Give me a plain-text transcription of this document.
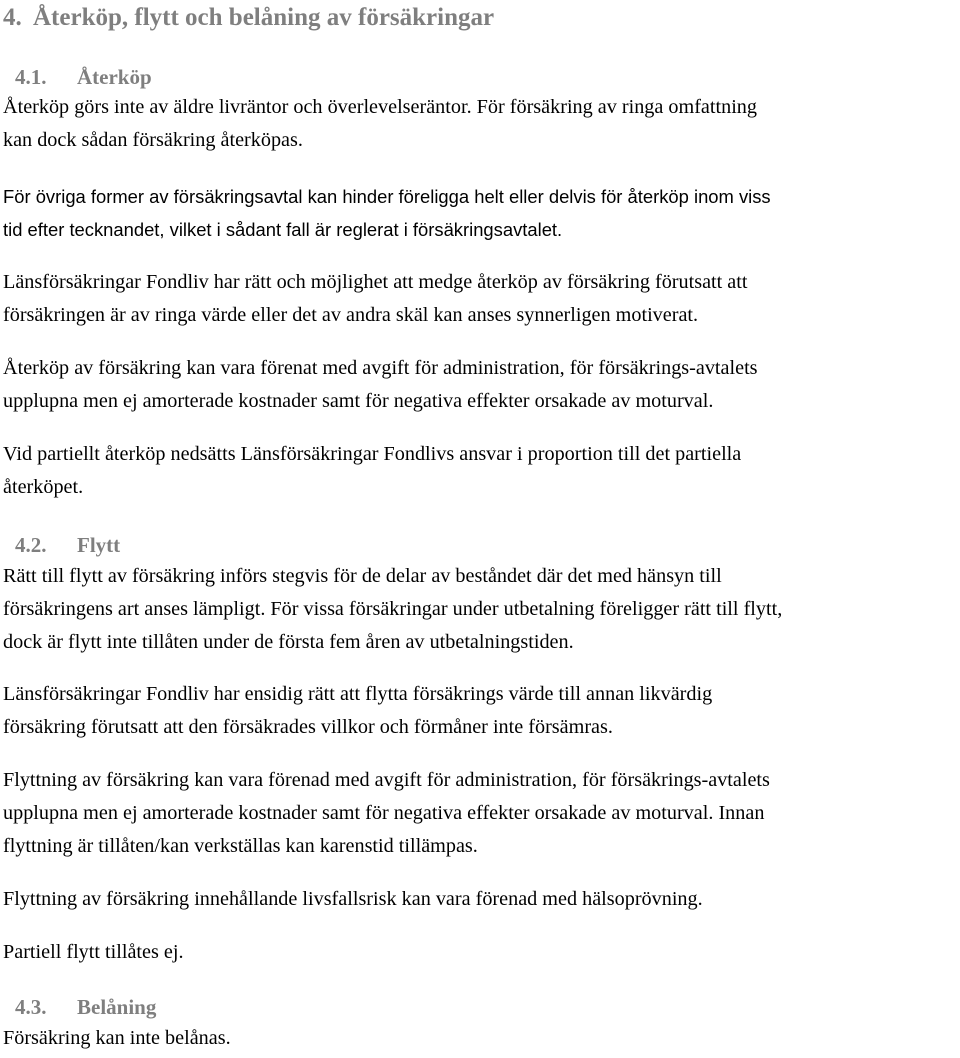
4. Återköp, flytt och belåning av försäkringar
4.1. Återköp

Återköp görs inte av äldre livräntor och överlevelseräntor. För försäkring av ringa omfattning
kan dock sådan försäkring återköpas.

För övriga former av försäkringsavtal kan hinder föreligga helt eller delvis för återköp inom viss
tid efter tecknandet, vilket i sådant fall är reglerat i försäkringsavtalet.

Länsförsäkringar Fondliv har rätt och möjlighet att medge återköp av försäkring förutsatt att
försäkringen är av ringa värde eller det av andra skäl kan anses synnerligen motiverat.

Återköp av försäkring kan vara förenat med avgift för administration, för försäkrings-avtalets
upplupna men ej amorterade kostnader samt för negativa effekter orsakade av moturval.

Vid partiellt återköp nedsätts Länsförsäkringar Fondlivs ansvar i proportion till det partiella
återköpet.

4.2. Flytt

Rätt till flytt av försäkring införs stegvis för de delar av beståndet där det med hänsyn till
försäkringens art anses lämpligt. För vissa försäkringar under utbetalning föreligger rätt till flytt,
dock är flytt inte tillåten under de första fem åren av utbetalningstiden.

Länsförsäkringar Fondliv har ensidig rätt att flytta försäkrings värde till annan likvärdig
försäkring förutsatt att den försäkrades villkor och förmåner inte försämras.

Flyttning av försäkring kan vara förenad med avgift för administration, för försäkrings-avtalets
upplupna men ej amorterade kostnader samt för negativa effekter orsakade av moturval. Innan
flyttning är tillåten/kan verkställas kan karenstid tillämpas.

Flyttning av försäkring innehållande livsfallsrisk kan vara förenad med hälsoprövning.

Partiell flytt tillåtes ej.

4.3. Belåning

Försäkring kan inte belånas.
